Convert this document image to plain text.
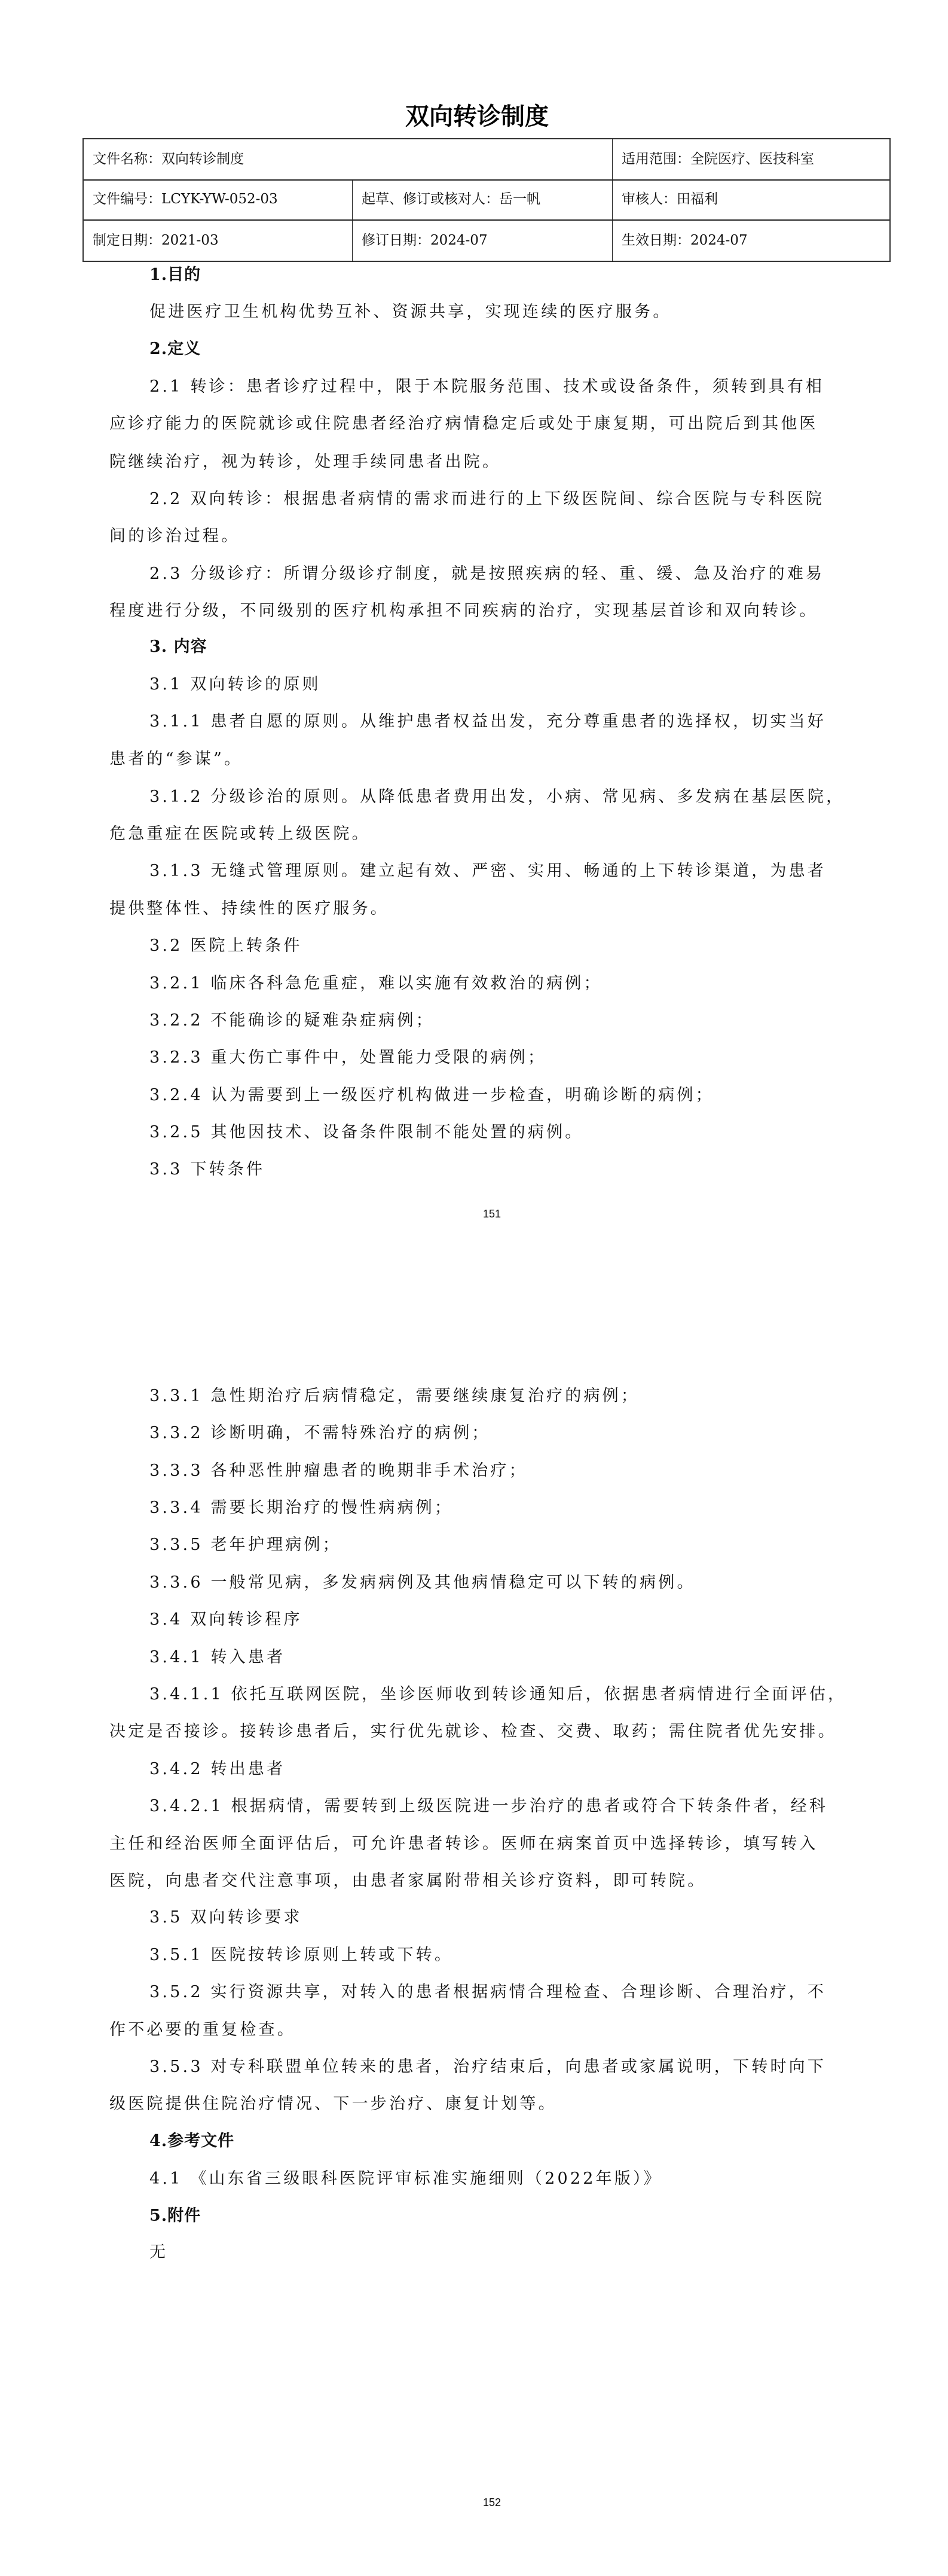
双向转诊制度
文件名称：双向转诊制度	适用范围：全院医疗、医技科室
文件编号：LCYK-YW-052-03	起草、修订或核对人：岳一帆	审核人：田福利
制定日期：2021-03	修订日期：2024-07	生效日期：2024-07
1.目的
促进医疗卫生机构优势互补、资源共享，实现连续的医疗服务。
2.定义
2.1 转诊：患者诊疗过程中，限于本院服务范围、技术或设备条件，须转到具有相
应诊疗能力的医院就诊或住院患者经治疗病情稳定后或处于康复期，可出院后到其他医
院继续治疗，视为转诊，处理手续同患者出院。
2.2 双向转诊：根据患者病情的需求而进行的上下级医院间、综合医院与专科医院
间的诊治过程。
2.3 分级诊疗：所谓分级诊疗制度，就是按照疾病的轻、重、缓、急及治疗的难易
程度进行分级，不同级别的医疗机构承担不同疾病的治疗，实现基层首诊和双向转诊。
3. 内容
3.1 双向转诊的原则
3.1.1 患者自愿的原则。从维护患者权益出发，充分尊重患者的选择权，切实当好
患者的“参谋”。
3.1.2 分级诊治的原则。从降低患者费用出发，小病、常见病、多发病在基层医院，
危急重症在医院或转上级医院。
3.1.3 无缝式管理原则。建立起有效、严密、实用、畅通的上下转诊渠道，为患者
提供整体性、持续性的医疗服务。
3.2 医院上转条件
3.2.1 临床各科急危重症，难以实施有效救治的病例；
3.2.2 不能确诊的疑难杂症病例；
3.2.3 重大伤亡事件中，处置能力受限的病例；
3.2.4 认为需要到上一级医疗机构做进一步检查，明确诊断的病例；
3.2.5 其他因技术、设备条件限制不能处置的病例。
3.3 下转条件
151
3.3.1 急性期治疗后病情稳定，需要继续康复治疗的病例；
3.3.2 诊断明确，不需特殊治疗的病例；
3.3.3 各种恶性肿瘤患者的晚期非手术治疗；
3.3.4 需要长期治疗的慢性病病例；
3.3.5 老年护理病例；
3.3.6 一般常见病，多发病病例及其他病情稳定可以下转的病例。
3.4 双向转诊程序
3.4.1 转入患者
3.4.1.1 依托互联网医院，坐诊医师收到转诊通知后，依据患者病情进行全面评估，
决定是否接诊。接转诊患者后，实行优先就诊、检查、交费、取药；需住院者优先安排。
3.4.2 转出患者
3.4.2.1 根据病情，需要转到上级医院进一步治疗的患者或符合下转条件者，经科
主任和经治医师全面评估后，可允许患者转诊。医师在病案首页中选择转诊，填写转入
医院，向患者交代注意事项，由患者家属附带相关诊疗资料，即可转院。
3.5 双向转诊要求
3.5.1 医院按转诊原则上转或下转。
3.5.2 实行资源共享，对转入的患者根据病情合理检查、合理诊断、合理治疗，不
作不必要的重复检查。
3.5.3 对专科联盟单位转来的患者，治疗结束后，向患者或家属说明，下转时向下
级医院提供住院治疗情况、下一步治疗、康复计划等。
4.参考文件
4.1 《山东省三级眼科医院评审标准实施细则（2022年版）》
5.附件
无
152
